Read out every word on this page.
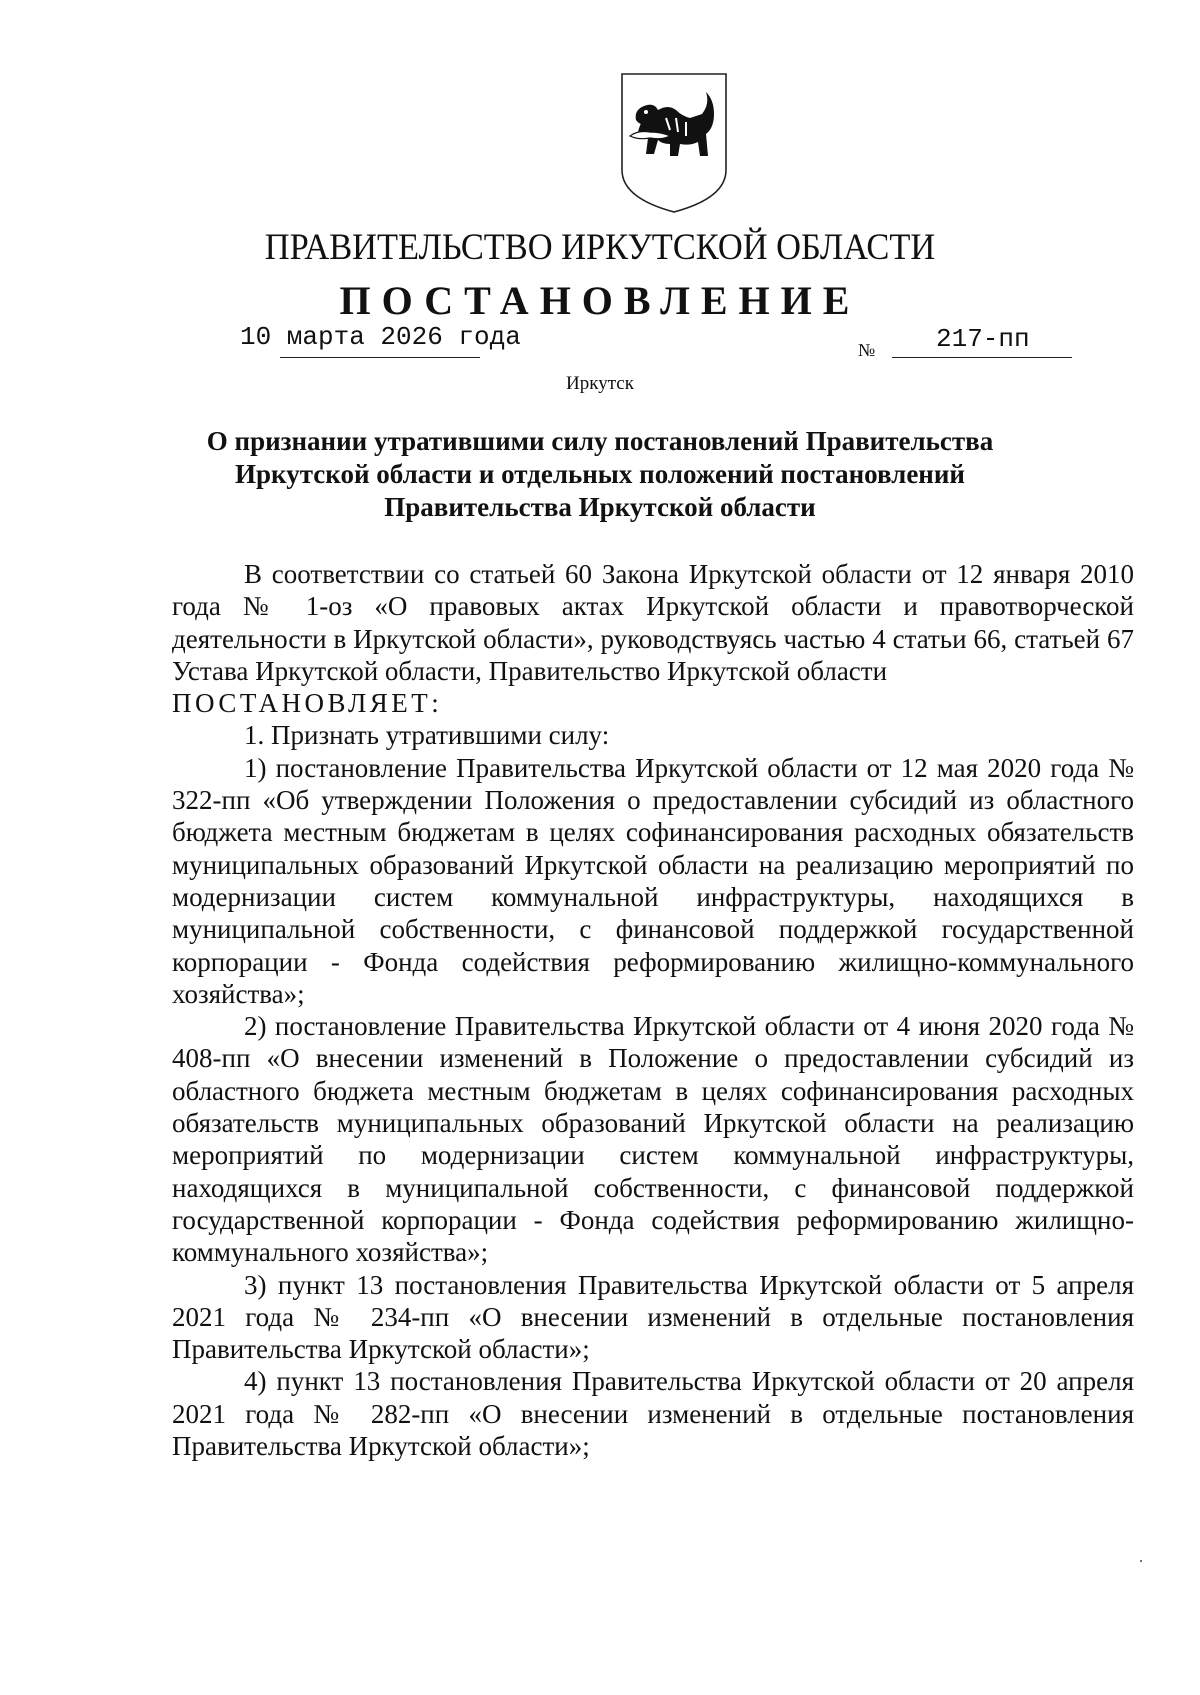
ПРАВИТЕЛЬСТВО ИРКУТСКОЙ ОБЛАСТИ
ПОСТАНОВЛЕНИЕ
10 марта 2026 года	№ 217-пп
Иркутск
О признании утратившими силу постановлений Правительства
Иркутской области и отдельных положений постановлений
Правительства Иркутской области

В соответствии со статьей 60 Закона Иркутской области от 12 января 2010 года № 1-оз «О правовых актах Иркутской области и правотворческой деятельности в Иркутской области», руководствуясь частью 4 статьи 66, статьей 67 Устава Иркутской области, Правительство Иркутской области

ПОСТАНОВЛЯЕТ:

1. Признать утратившими силу:

1) постановление Правительства Иркутской области от 12 мая 2020 года № 322-пп «Об утверждении Положения о предоставлении субсидий из областного бюджета местным бюджетам в целях софинансирования расходных обязательств муниципальных образований Иркутской области на реализацию мероприятий по модернизации систем коммунальной инфраструктуры, находящихся в муниципальной собственности, с финансовой поддержкой государственной корпорации - Фонда содействия реформированию жилищно-коммунального хозяйства»;

2) постановление Правительства Иркутской области от 4 июня 2020 года № 408-пп «О внесении изменений в Положение о предоставлении субсидий из областного бюджета местным бюджетам в целях софинансирования расходных обязательств муниципальных образований Иркутской области на реализацию мероприятий по модернизации систем коммунальной инфраструктуры, находящихся в муниципальной собственности, с финансовой поддержкой государственной корпорации - Фонда содействия реформированию жилищно-коммунального хозяйства»;

3) пункт 13 постановления Правительства Иркутской области от 5 апреля 2021 года № 234-пп «О внесении изменений в отдельные постановления Правительства Иркутской области»;

4) пункт 13 постановления Правительства Иркутской области от 20 апреля 2021 года № 282-пп «О внесении изменений в отдельные постановления Правительства Иркутской области»;
